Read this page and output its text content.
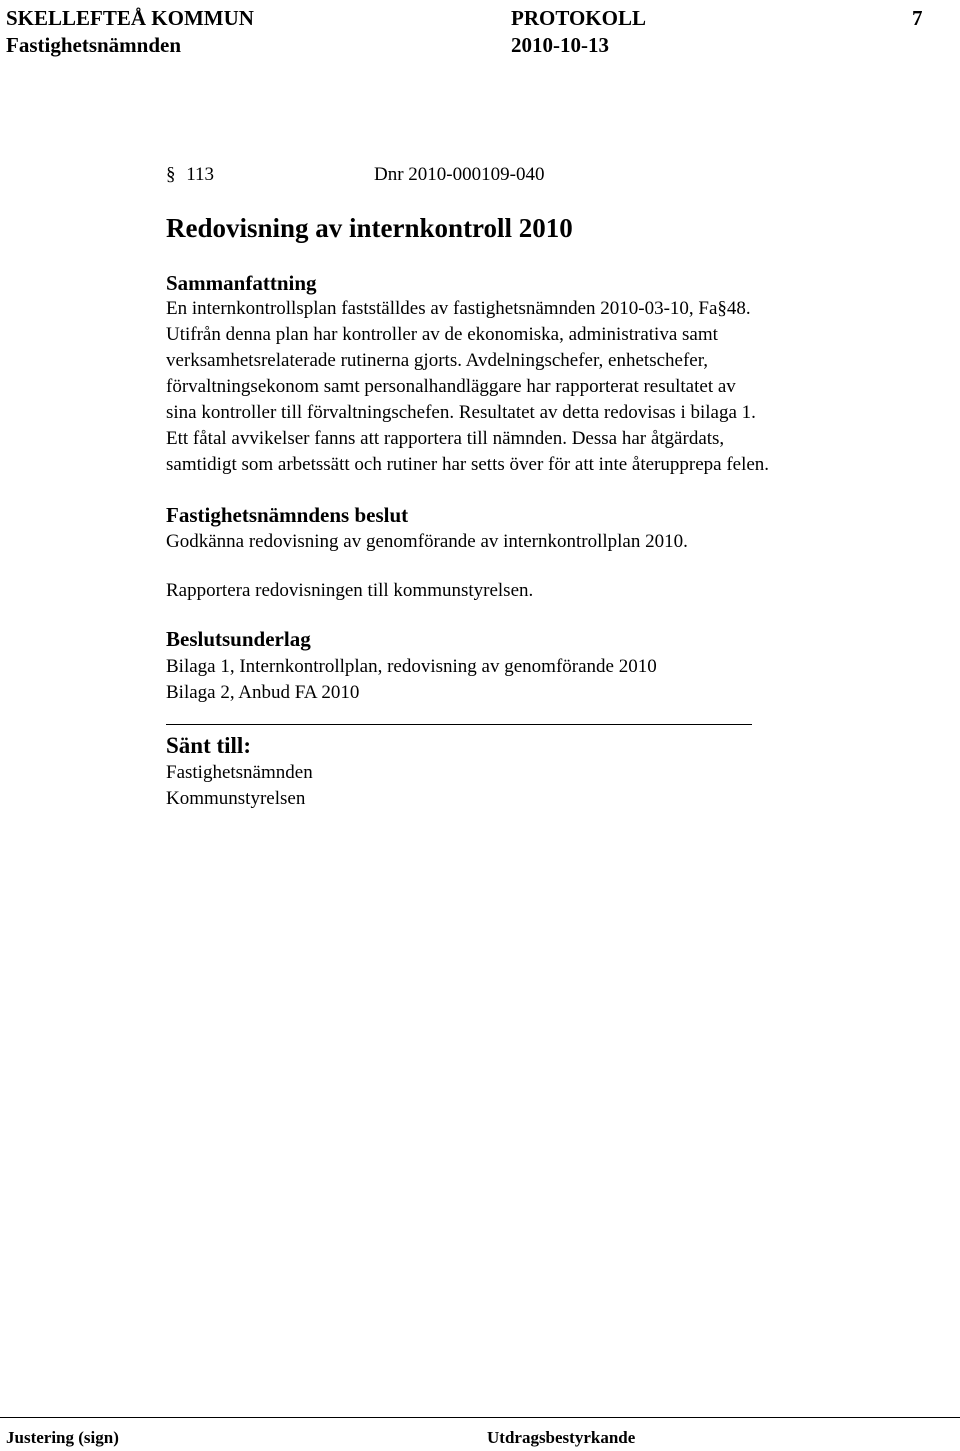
SKELLEFTEÅ KOMMUN
Fastighetsnämnden
PROTOKOLL
2010-10-13
7
§ 113	Dnr 2010-000109-040
Redovisning av internkontroll 2010
Sammanfattning
En internkontrollsplan fastställdes av fastighetsnämnden 2010-03-10, Fa§48.
Utifrån denna plan har kontroller av de ekonomiska, administrativa samt
verksamhetsrelaterade rutinerna gjorts. Avdelningschefer, enhetschefer,
förvaltningsekonom samt personalhandläggare har rapporterat resultatet av
sina kontroller till förvaltningschefen. Resultatet av detta redovisas i bilaga 1.
Ett fåtal avvikelser fanns att rapportera till nämnden. Dessa har åtgärdats,
samtidigt som arbetssätt och rutiner har setts över för att inte återupprepa felen.
Fastighetsnämndens beslut
Godkänna redovisning av genomförande av internkontrollplan 2010.
Rapportera redovisningen till kommunstyrelsen.
Beslutsunderlag
Bilaga 1, Internkontrollplan, redovisning av genomförande 2010
Bilaga 2, Anbud FA 2010
Sänt till:
Fastighetsnämnden
Kommunstyrelsen
Justering (sign)	Utdragsbestyrkande
